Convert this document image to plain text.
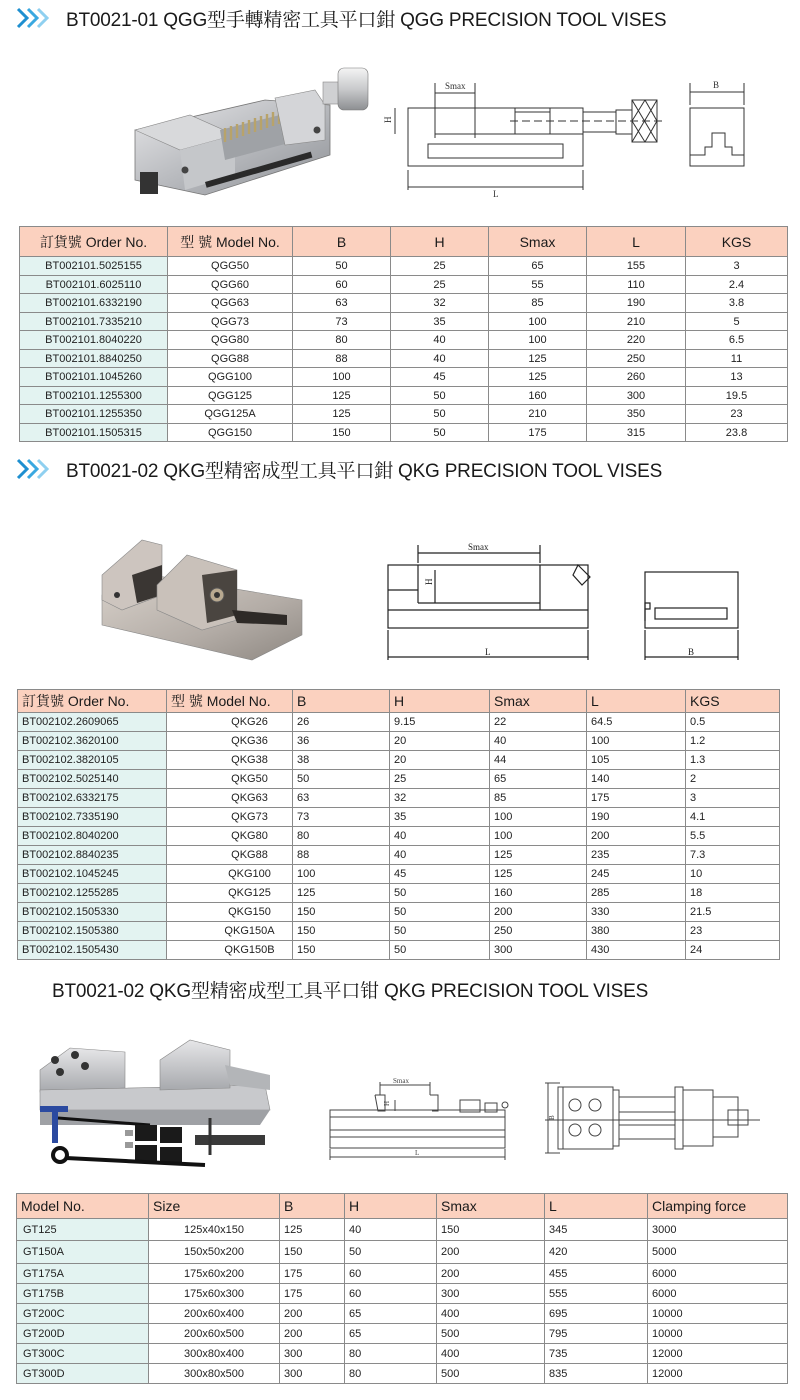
BT0021-01 QGG型手轉精密工具平口鉗 QGG PRECISION TOOL VISES
Smax
H
L
B
訂貨號 Order No.	型 號 Model No.	B	H	Smax	L	KGS
BT002101.5025155	QGG50	50	25	65	155	3
BT002101.6025110	QGG60	60	25	55	110	2.4
BT002101.6332190	QGG63	63	32	85	190	3.8
BT002101.7335210	QGG73	73	35	100	210	5
BT002101.8040220	QGG80	80	40	100	220	6.5
BT002101.8840250	QGG88	88	40	125	250	11
BT002101.1045260	QGG100	100	45	125	260	13
BT002101.1255300	QGG125	125	50	160	300	19.5
BT002101.1255350	QGG125A	125	50	210	350	23
BT002101.1505315	QGG150	150	50	175	315	23.8
BT0021-02 QKG型精密成型工具平口鉗 QKG PRECISION TOOL VISES
Smax
H
L	B
訂貨號 Order No.	型 號 Model No.	B	H	Smax	L	KGS
BT002102.2609065	QKG26	26	9.15	22	64.5	0.5
BT002102.3620100	QKG36	36	20	40	100	1.2
BT002102.3820105	QKG38	38	20	44	105	1.3
BT002102.5025140	QKG50	50	25	65	140	2
BT002102.6332175	QKG63	63	32	85	175	3
BT002102.7335190	QKG73	73	35	100	190	4.1
BT002102.8040200	QKG80	80	40	100	200	5.5
BT002102.8840235	QKG88	88	40	125	235	7.3
BT002102.1045245	QKG100	100	45	125	245	10
BT002102.1255285	QKG125	125	50	160	285	18
BT002102.1505330	QKG150	150	50	200	330	21.5
BT002102.1505380	QKG150A	150	50	250	380	23
BT002102.1505430	QKG150B	150	50	300	430	24
BT0021-02 QKG型精密成型工具平口钳 QKG PRECISION TOOL VISES
Smax
H
L
B
Model No.	Size	B	H	Smax	L	Clamping force
GT125	125x40x150	125	40	150	345	3000
GT150A	150x50x200	150	50	200	420	5000
GT175A	175x60x200	175	60	200	455	6000
GT175B	175x60x300	175	60	300	555	6000
GT200C	200x60x400	200	65	400	695	10000
GT200D	200x60x500	200	65	500	795	10000
GT300C	300x80x400	300	80	400	735	12000
GT300D	300x80x500	300	80	500	835	12000
